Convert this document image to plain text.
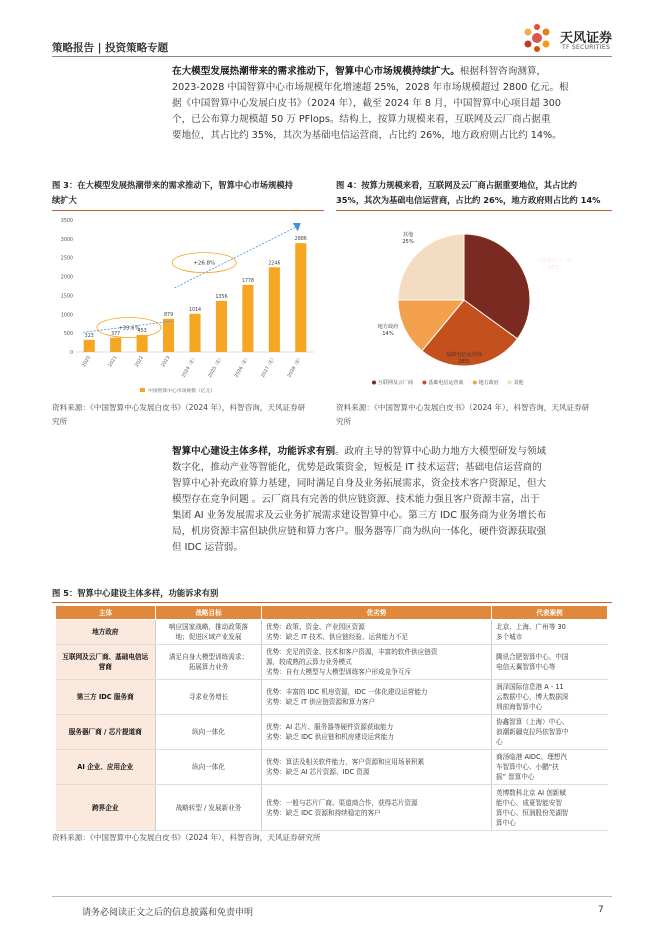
策略报告 | 投资策略专题
天风证券
TF SECURITIES
在大模型发展热潮带来的需求推动下，智算中心市场规模持续扩大。根据科智咨询测算，
2023-2028 中国智算中心市场规模年化增速超 25%，2028 年市场规模超过 2800 亿元。根
据《中国智算中心发展白皮书》（2024 年），截至 2024 年 8 月，中国智算中心项目超 300
个，已公布算力规模超 50 万 PFlops。结构上，按算力规模来看，互联网及云厂商占据重
要地位，其占比约 35%，其次为基础电信运营商，占比约 26%，地方政府则占比约 14%。
图 3：在大模型发展热潮带来的需求推动下，智算中心市场规模持
续扩大
0
500
1000
1500
2000
2500
3000
3500
323
2020
377
2021
453
2022
879
2023
1014
2024（E）
1356
2025（E）
1778
2026（E）
2246
2027（E）
2886
2028（E）
+39.6%
+26.8%
中国智算中心市场规模（亿元）
资料来源：《中国智算中心发展白皮书》（2024 年），科智咨询，天风证券研
究所
图 4：按算力规模来看，互联网及云厂商占据重要地位，其占比约
35%，其次为基础电信运营商，占比约 26%，地方政府则占比约 14%
互联网及云厂商
35%
基础电信运营商
26%
地方政府
14%
其他
25%
互联网及云厂商	基础电信运营商	地方政府	其他
资料来源：《中国智算中心发展白皮书》（2024 年），科智咨询，天风证券研
究所
智算中心建设主体多样，功能诉求有别。政府主导的智算中心助力地方大模型研发与领域
数字化，推动产业等智能化，优势是政策资金，短板是 IT 技术运营；基础电信运营商的
智算中心补充政府算力基建，同时满足自身及业务拓展需求，资金技术客户资源足，但大
模型存在竞争问题 。云厂商具有完善的供应链资源、技术能力强且客户资源丰富，出于
集团 AI 业务发展需求及云业务扩展需求建设智算中心。第三方 IDC 服务商为业务增长布
局，机房资源丰富但缺供应链和算力客户。服务器等厂商为纵向一体化，硬件资源获取强
但 IDC 运营弱。
图 5：智算中心建设主体多样，功能诉求有别
主体	战略目标	优劣势	代表案例
地方政府	响应国家战略，推动政策落
地；促进区域产业发展	优势：政策、资金、产业园区资源
劣势：缺乏 IT 技术、供应链经验、运营能力不足	北京、上海、广州等 30
多个城市

互联网及云厂商、基础电信运营商	满足自身大模型训练需求；
拓展算力业务	优势：充足的资金、技术和客户资源，丰富的软件供应链资
源，较成熟的云算力业务模式
劣势：自有大模型与大模型训练客户形成竞争互斥	腾讯合肥智算中心、中国
电信天翼智算中心等

第三方 IDC 服务商	寻求业务增长	优势：丰富的 IDC 机房资源，IDC 一体化建设运营能力
劣势：缺乏 IT 供应链资源和算力客户	润泽国际信息港 A - 11
云数据中心，博大数据深
圳前海智算中心

服务器厂商 / 芯片提道商	纵向一体化	优势：AI 芯片、服务器等硬件资源获取能力
劣势：缺乏 IDC 供应链和机房建设运营能力	协鑫智算（上海）中心、
浪潮新疆克拉玛依智算中
心

AI 企业、应用企业	纵向一体化	优势：算法及相关软件能力，客户资源和应用场景积累
劣势：缺乏 AI 芯片资源、IDC 资源	商汤临港 AIDC、理想汽
车智算中心、小鹏“扶
摇” 智算中心

跨界企业	战略转型 / 发展新业务	优势：一般与芯片厂商、渠道商合作，获得芯片资源
劣势：缺乏 IDC 资源和持续稳定的客户	英博数科北京 AI 创新赋
能中心、成夏智能安智
算中心、恒润股份芜湖智
算中心
资料来源：《中国智算中心发展白皮书》（2024 年），科智咨询，天风证券研究所
请务必阅读正文之后的信息披露和免责申明	7
